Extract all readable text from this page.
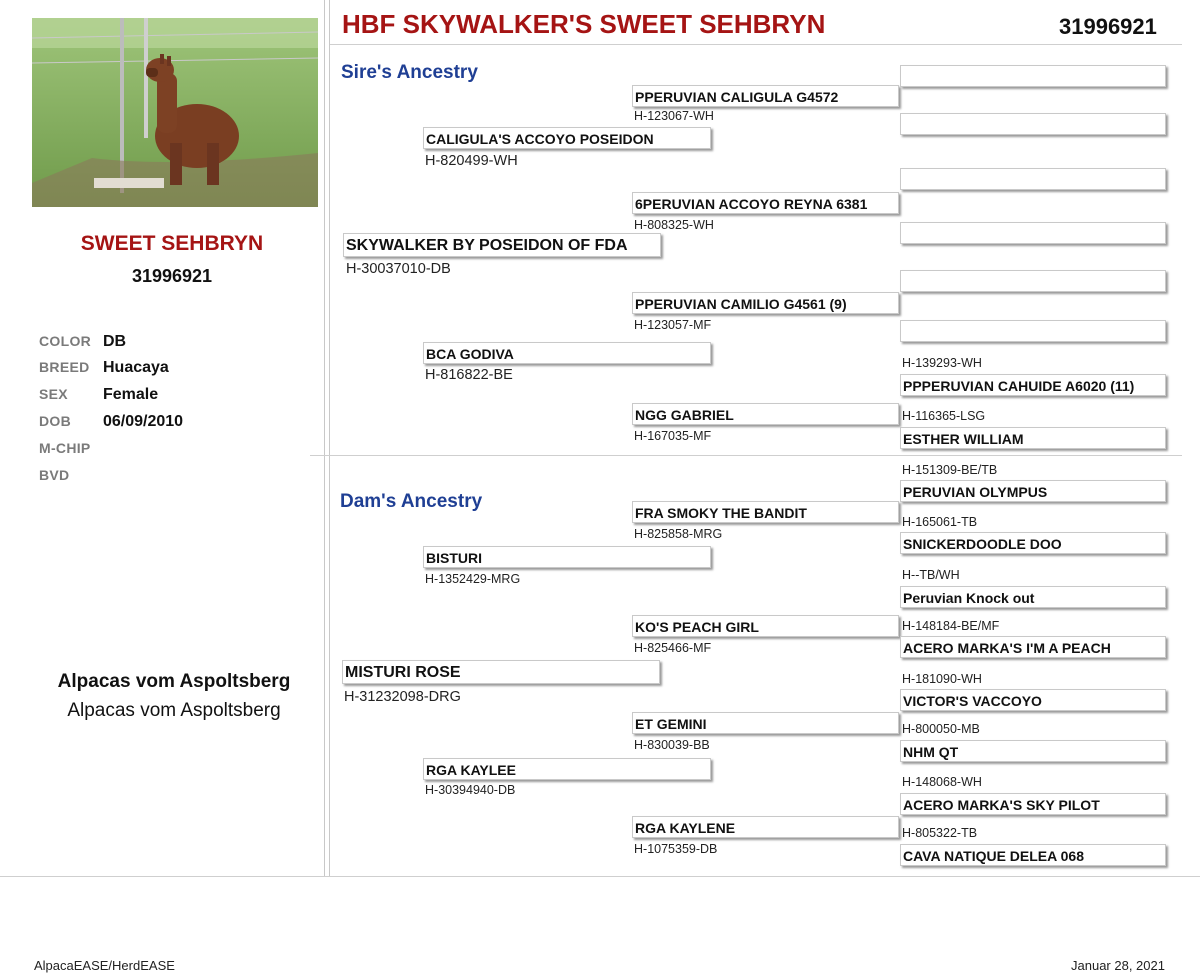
HBF SKYWALKER'S SWEET SEHBRYN	31996921
SWEET SEHBRYN
31996921
COLOR DB
BREED Huacaya
SEX Female
DOB 06/09/2010
M-CHIP
BVD
Alpacas vom Aspoltsberg
Alpacas vom Aspoltsberg
Sire's Ancestry
Dam's Ancestry
SKYWALKER BY POSEIDON OF FDA
H-30037010-DB
MISTURI ROSE
H-31232098-DRG
CALIGULA'S ACCOYO POSEIDON
H-820499-WH
BCA GODIVA
H-816822-BE
BISTURI
H-1352429-MRG
RGA KAYLEE
H-30394940-DB
PPERUVIAN CALIGULA G4572
H-123067-WH
6PERUVIAN ACCOYO REYNA 6381
H-808325-WH
PPERUVIAN CAMILIO G4561 (9)
H-123057-MF
NGG GABRIEL
H-167035-MF
FRA SMOKY THE BANDIT
H-825858-MRG
KO'S PEACH GIRL
H-825466-MF
ET GEMINI
H-830039-BB
RGA KAYLENE
H-1075359-DB
H-139293-WH
PPPERUVIAN CAHUIDE A6020 (11)
H-116365-LSG
ESTHER WILLIAM
H-151309-BE/TB
PERUVIAN OLYMPUS
H-165061-TB
SNICKERDOODLE DOO
H--TB/WH
Peruvian Knock out
H-148184-BE/MF
ACERO MARKA'S I'M A PEACH
H-181090-WH
VICTOR'S VACCOYO
H-800050-MB
NHM QT
H-148068-WH
ACERO MARKA'S SKY PILOT
H-805322-TB
CAVA NATIQUE DELEA 068
AlpacaEASE/HerdEASE	Januar 28, 2021
